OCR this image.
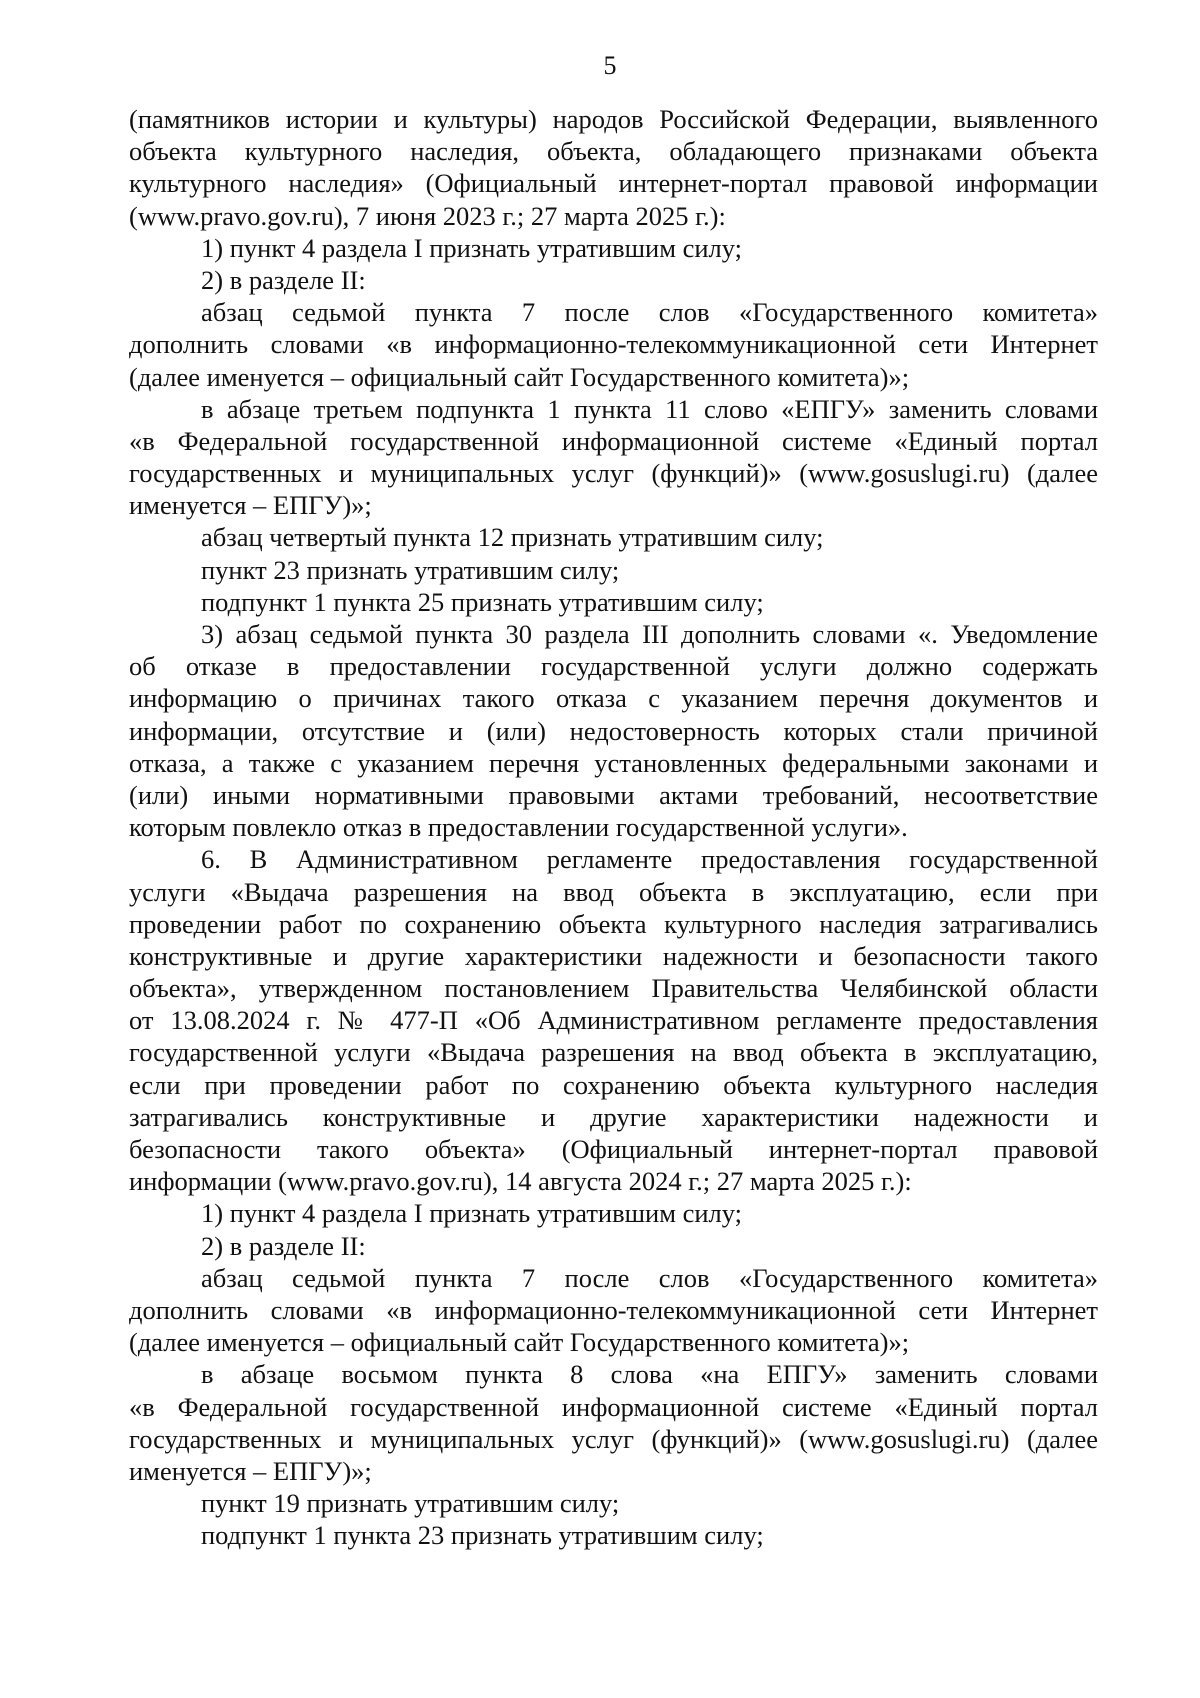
5
(памятников истории и культуры) народов Российской Федерации, выявленного
объекта культурного наследия, объекта, обладающего признаками объекта
культурного наследия» (Официальный интернет-портал правовой информации
(www.pravo.gov.ru), 7 июня 2023 г.; 27 марта 2025 г.):
1) пункт 4 раздела I признать утратившим силу;
2) в разделе II:
абзац седьмой пункта 7 после слов «Государственного комитета»
дополнить словами «в информационно-телекоммуникационной сети Интернет
(далее именуется – официальный сайт Государственного комитета)»;
в абзаце третьем подпункта 1 пункта 11 слово «ЕПГУ» заменить словами
«в Федеральной государственной информационной системе «Единый портал
государственных и муниципальных услуг (функций)» (www.gosuslugi.ru) (далее
именуется – ЕПГУ)»;
абзац четвертый пункта 12 признать утратившим силу;
пункт 23 признать утратившим силу;
подпункт 1 пункта 25 признать утратившим силу;
3) абзац седьмой пункта 30 раздела III дополнить словами «. Уведомление
об отказе в предоставлении государственной услуги должно содержать
информацию о причинах такого отказа с указанием перечня документов и
информации, отсутствие и (или) недостоверность которых стали причиной
отказа, а также с указанием перечня установленных федеральными законами и
(или) иными нормативными правовыми актами требований, несоответствие
которым повлекло отказ в предоставлении государственной услуги».
6. В Административном регламенте предоставления государственной
услуги «Выдача разрешения на ввод объекта в эксплуатацию, если при
проведении работ по сохранению объекта культурного наследия затрагивались
конструктивные и другие характеристики надежности и безопасности такого
объекта», утвержденном постановлением Правительства Челябинской области
от 13.08.2024 г. № 477-П «Об Административном регламенте предоставления
государственной услуги «Выдача разрешения на ввод объекта в эксплуатацию,
если при проведении работ по сохранению объекта культурного наследия
затрагивались конструктивные и другие характеристики надежности и
безопасности такого объекта» (Официальный интернет-портал правовой
информации (www.pravo.gov.ru), 14 августа 2024 г.; 27 марта 2025 г.):
1) пункт 4 раздела I признать утратившим силу;
2) в разделе II:
абзац седьмой пункта 7 после слов «Государственного комитета»
дополнить словами «в информационно-телекоммуникационной сети Интернет
(далее именуется – официальный сайт Государственного комитета)»;
в абзаце восьмом пункта 8 слова «на ЕПГУ» заменить словами
«в Федеральной государственной информационной системе «Единый портал
государственных и муниципальных услуг (функций)» (www.gosuslugi.ru) (далее
именуется – ЕПГУ)»;
пункт 19 признать утратившим силу;
подпункт 1 пункта 23 признать утратившим силу;
